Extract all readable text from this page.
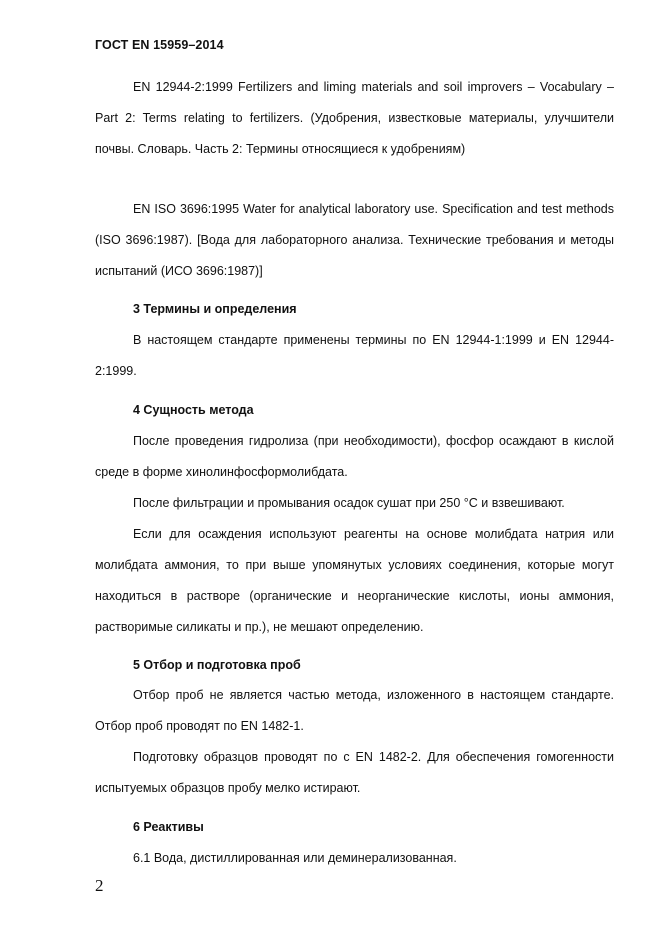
ГОСТ EN 15959–2014
EN 12944-2:1999 Fertilizers and liming materials and soil improvers – Vocabulary – Part 2: Terms relating to fertilizers. (Удобрения, известковые материалы, улучшители почвы. Словарь. Часть 2: Термины относящиеся к удобрениям)
EN ISO 3696:1995 Water for analytical laboratory use. Specification and test methods (ISO 3696:1987). [Вода для лабораторного анализа. Технические требования и методы испытаний (ИСО 3696:1987)]
3 Термины и определения
В настоящем стандарте применены термины по EN 12944-1:1999 и EN 12944-2:1999.
4 Сущность метода
После проведения гидролиза (при необходимости), фосфор осаждают в кислой среде в форме хинолинфосформолибдата.
После фильтрации и промывания осадок сушат при 250 °С и взвешивают.
Если для осаждения используют реагенты на основе молибдата натрия или молибдата аммония, то при выше упомянутых условиях соединения, которые могут находиться в растворе (органические и неорганические кислоты, ионы аммония, растворимые силикаты и пр.), не мешают определению.
5 Отбор и подготовка проб
Отбор проб не является частью метода, изложенного в настоящем стандарте. Отбор проб проводят по EN 1482-1.
Подготовку образцов проводят по с EN 1482-2. Для обеспечения гомогенности испытуемых образцов пробу мелко истирают.
6 Реактивы
6.1 Вода, дистиллированная или деминерализованная.
2
